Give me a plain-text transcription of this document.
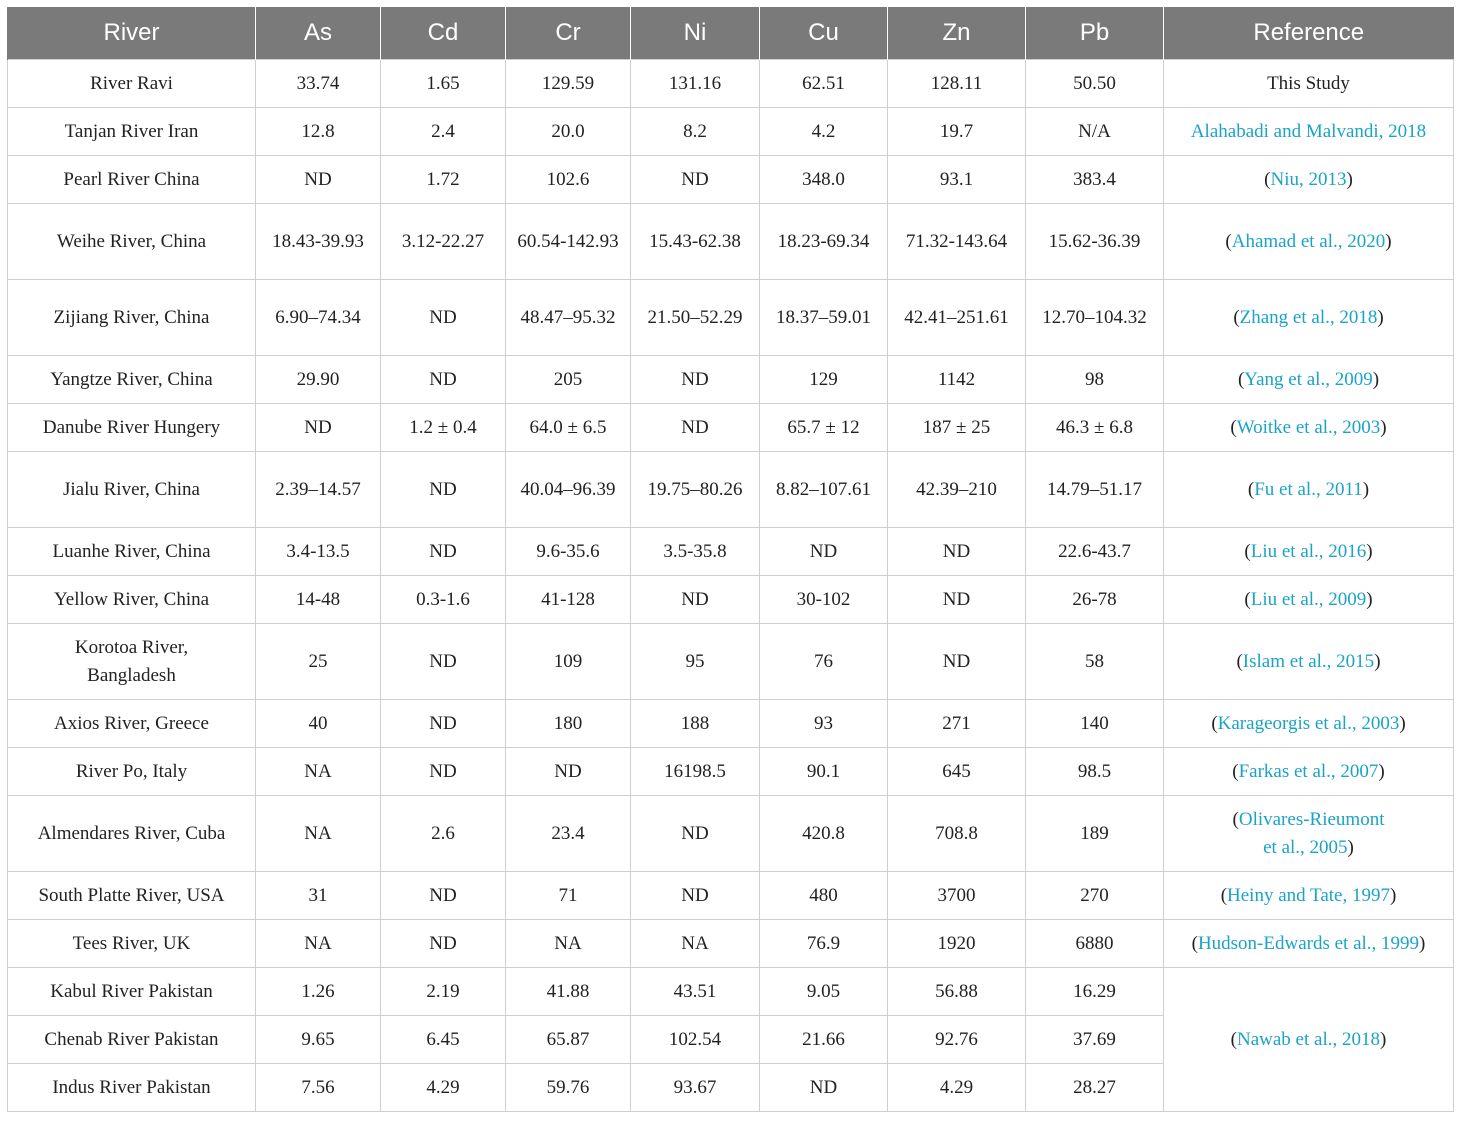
River	As	Cd	Cr	Ni	Cu	Zn	Pb	Reference
River Ravi	33.74	1.65	129.59	131.16	62.51	128.11	50.50	This Study
Tanjan River Iran	12.8	2.4	20.0	8.2	4.2	19.7	N/A	Alahabadi and Malvandi, 2018
Pearl River China	ND	1.72	102.6	ND	348.0	93.1	383.4	(Niu, 2013)
Weihe River, China	18.43-39.93	3.12-22.27	60.54-142.93	15.43-62.38	18.23-69.34	71.32-143.64	15.62-36.39	(Ahamad et al., 2020)
Zijiang River, China	6.90–74.34	ND	48.47–95.32	21.50–52.29	18.37–59.01	42.41–251.61	12.70–104.32	(Zhang et al., 2018)
Yangtze River, China	29.90	ND	205	ND	129	1142	98	(Yang et al., 2009)
Danube River Hungery	ND	1.2 ± 0.4	64.0 ± 6.5	ND	65.7 ± 12	187 ± 25	46.3 ± 6.8	(Woitke et al., 2003)
Jialu River, China	2.39–14.57	ND	40.04–96.39	19.75–80.26	8.82–107.61	42.39–210	14.79–51.17	(Fu et al., 2011)
Luanhe River, China	3.4-13.5	ND	9.6-35.6	3.5-35.8	ND	ND	22.6-43.7	(Liu et al., 2016)
Yellow River, China	14-48	0.3-1.6	41-128	ND	30-102	ND	26-78	(Liu et al., 2009)
Korotoa River, Bangladesh	25	ND	109	95	76	ND	58	(Islam et al., 2015)
Axios River, Greece	40	ND	180	188	93	271	140	(Karageorgis et al., 2003)
River Po, Italy	NA	ND	ND	16198.5	90.1	645	98.5	(Farkas et al., 2007)
Almendares River, Cuba	NA	2.6	23.4	ND	420.8	708.8	189	(Olivares-Rieumont et al., 2005)
South Platte River, USA	31	ND	71	ND	480	3700	270	(Heiny and Tate, 1997)
Tees River, UK	NA	ND	NA	NA	76.9	1920	6880	(Hudson-Edwards et al., 1999)
Kabul River Pakistan	1.26	2.19	41.88	43.51	9.05	56.88	16.29	(Nawab et al., 2018)
Chenab River Pakistan	9.65	6.45	65.87	102.54	21.66	92.76	37.69	
Indus River Pakistan	7.56	4.29	59.76	93.67	ND	4.29	28.27	
